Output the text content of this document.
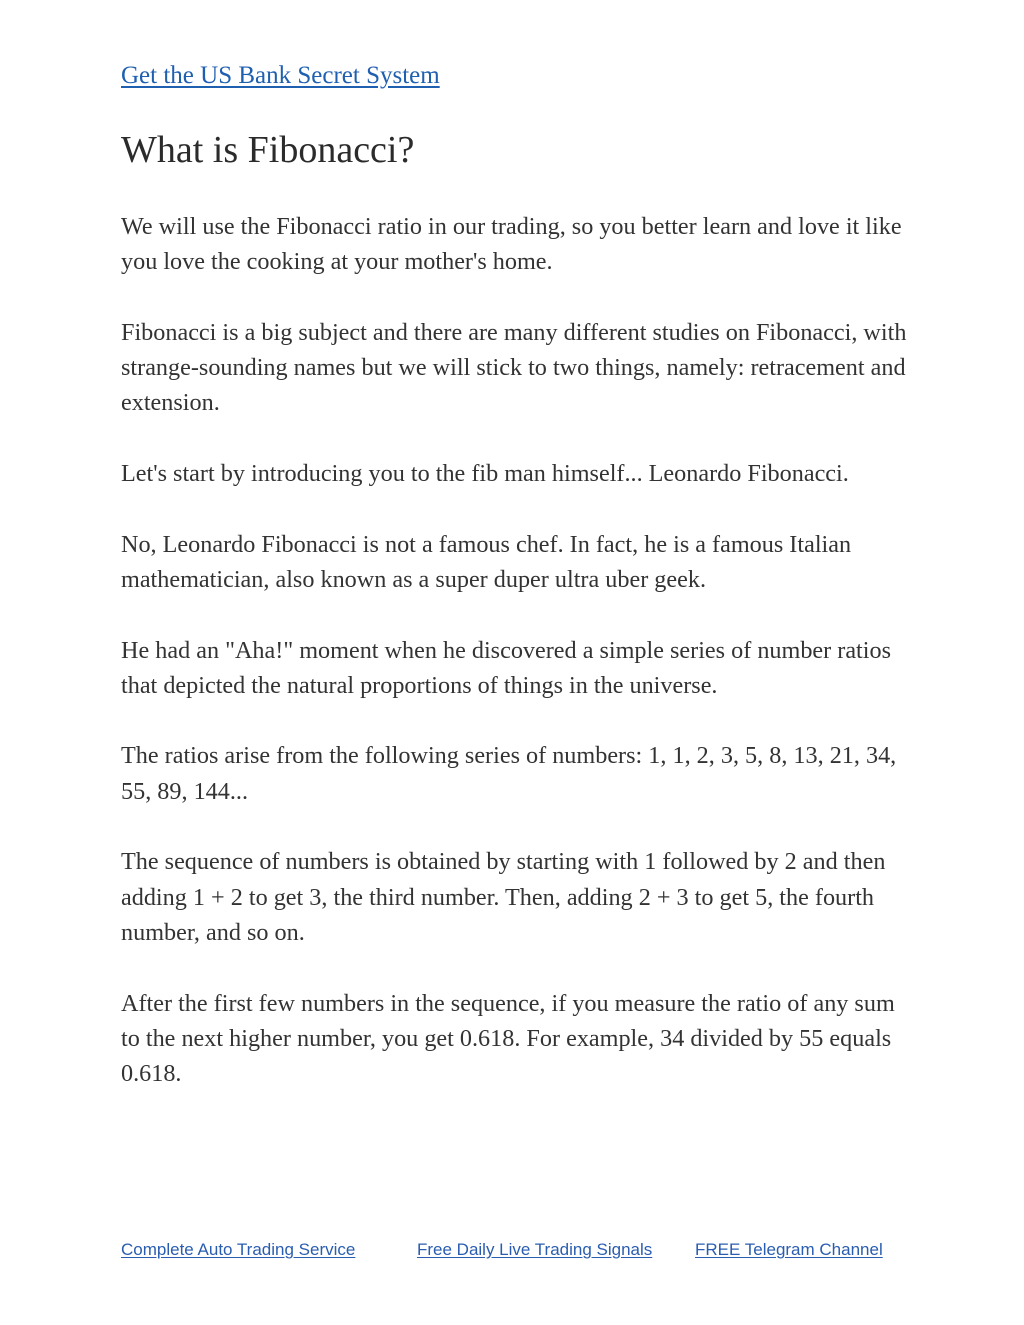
Get the US Bank Secret System
What is Fibonacci?

We will use the Fibonacci ratio in our trading, so you better learn and love it like you love the cooking at your mother's home.

Fibonacci is a big subject and there are many different studies on Fibonacci, with strange-sounding names but we will stick to two things, namely: retracement and extension.

Let's start by introducing you to the fib man himself... Leonardo Fibonacci.

No, Leonardo Fibonacci is not a famous chef. In fact, he is a famous Italian mathematician, also known as a super duper ultra uber geek.

He had an "Aha!" moment when he discovered a simple series of number ratios that depicted the natural proportions of things in the universe.

The ratios arise from the following series of numbers: 1, 1, 2, 3, 5, 8, 13, 21, 34, 55, 89, 144...

The sequence of numbers is obtained by starting with 1 followed by 2 and then adding 1 + 2 to get 3, the third number. Then, adding 2 + 3 to get 5, the fourth number, and so on.

After the first few numbers in the sequence, if you measure the ratio of any sum to the next higher number, you get 0.618. For example, 34 divided by 55 equals 0.618.

Complete Auto Trading Service	Free Daily Live Trading Signals	FREE Telegram Channel
